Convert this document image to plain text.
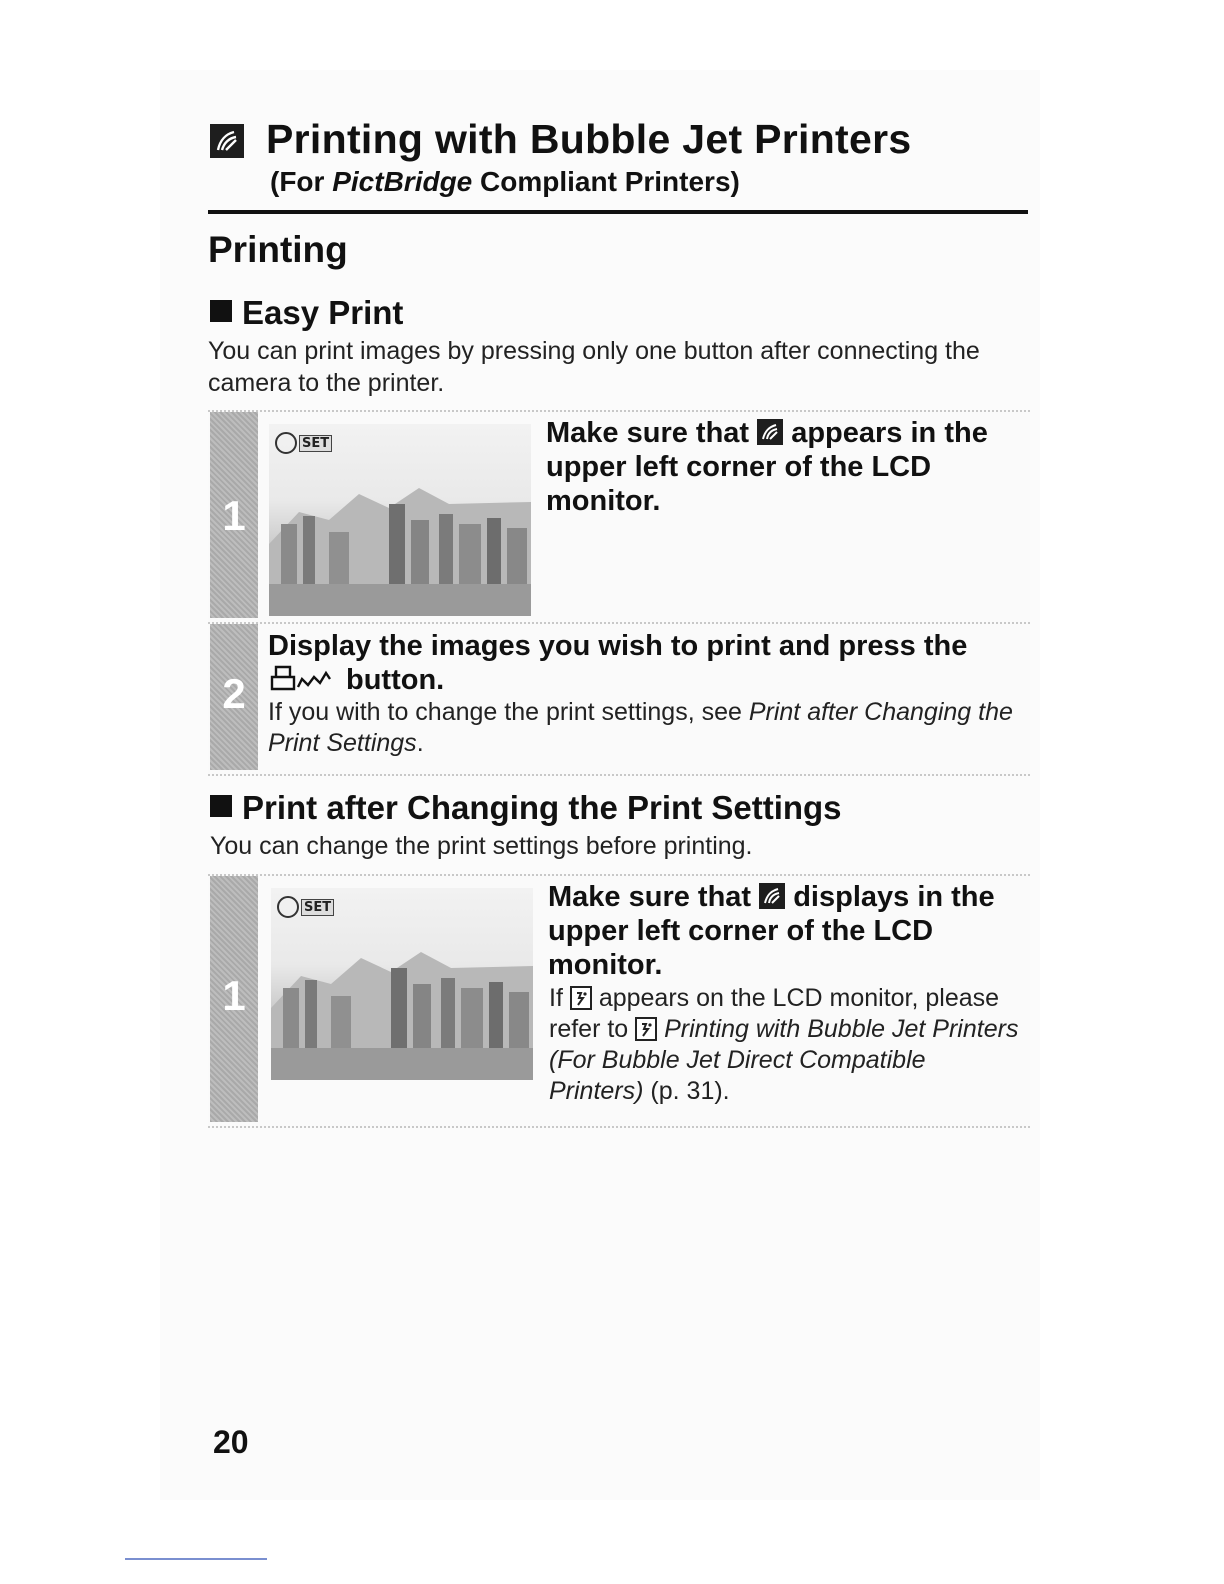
Printing with Bubble Jet Printers
(For PictBridge Compliant Printers)
Printing
Easy Print
You can print images by pressing only one button after connecting the camera to the printer.
1
SET	Make sure that appears in the upper left corner of the LCD monitor.
2
Display the images you wish to print and press the
button.
If you with to change the print settings, see Print after Changing the Print Settings.
Print after Changing the Print Settings
You can change the print settings before printing.
1
SET	Make sure that displays in the upper left corner of the LCD monitor.
If appears on the LCD monitor, please refer to Printing with Bubble Jet Printers (For Bubble Jet Direct Compatible Printers) (p. 31).
20
